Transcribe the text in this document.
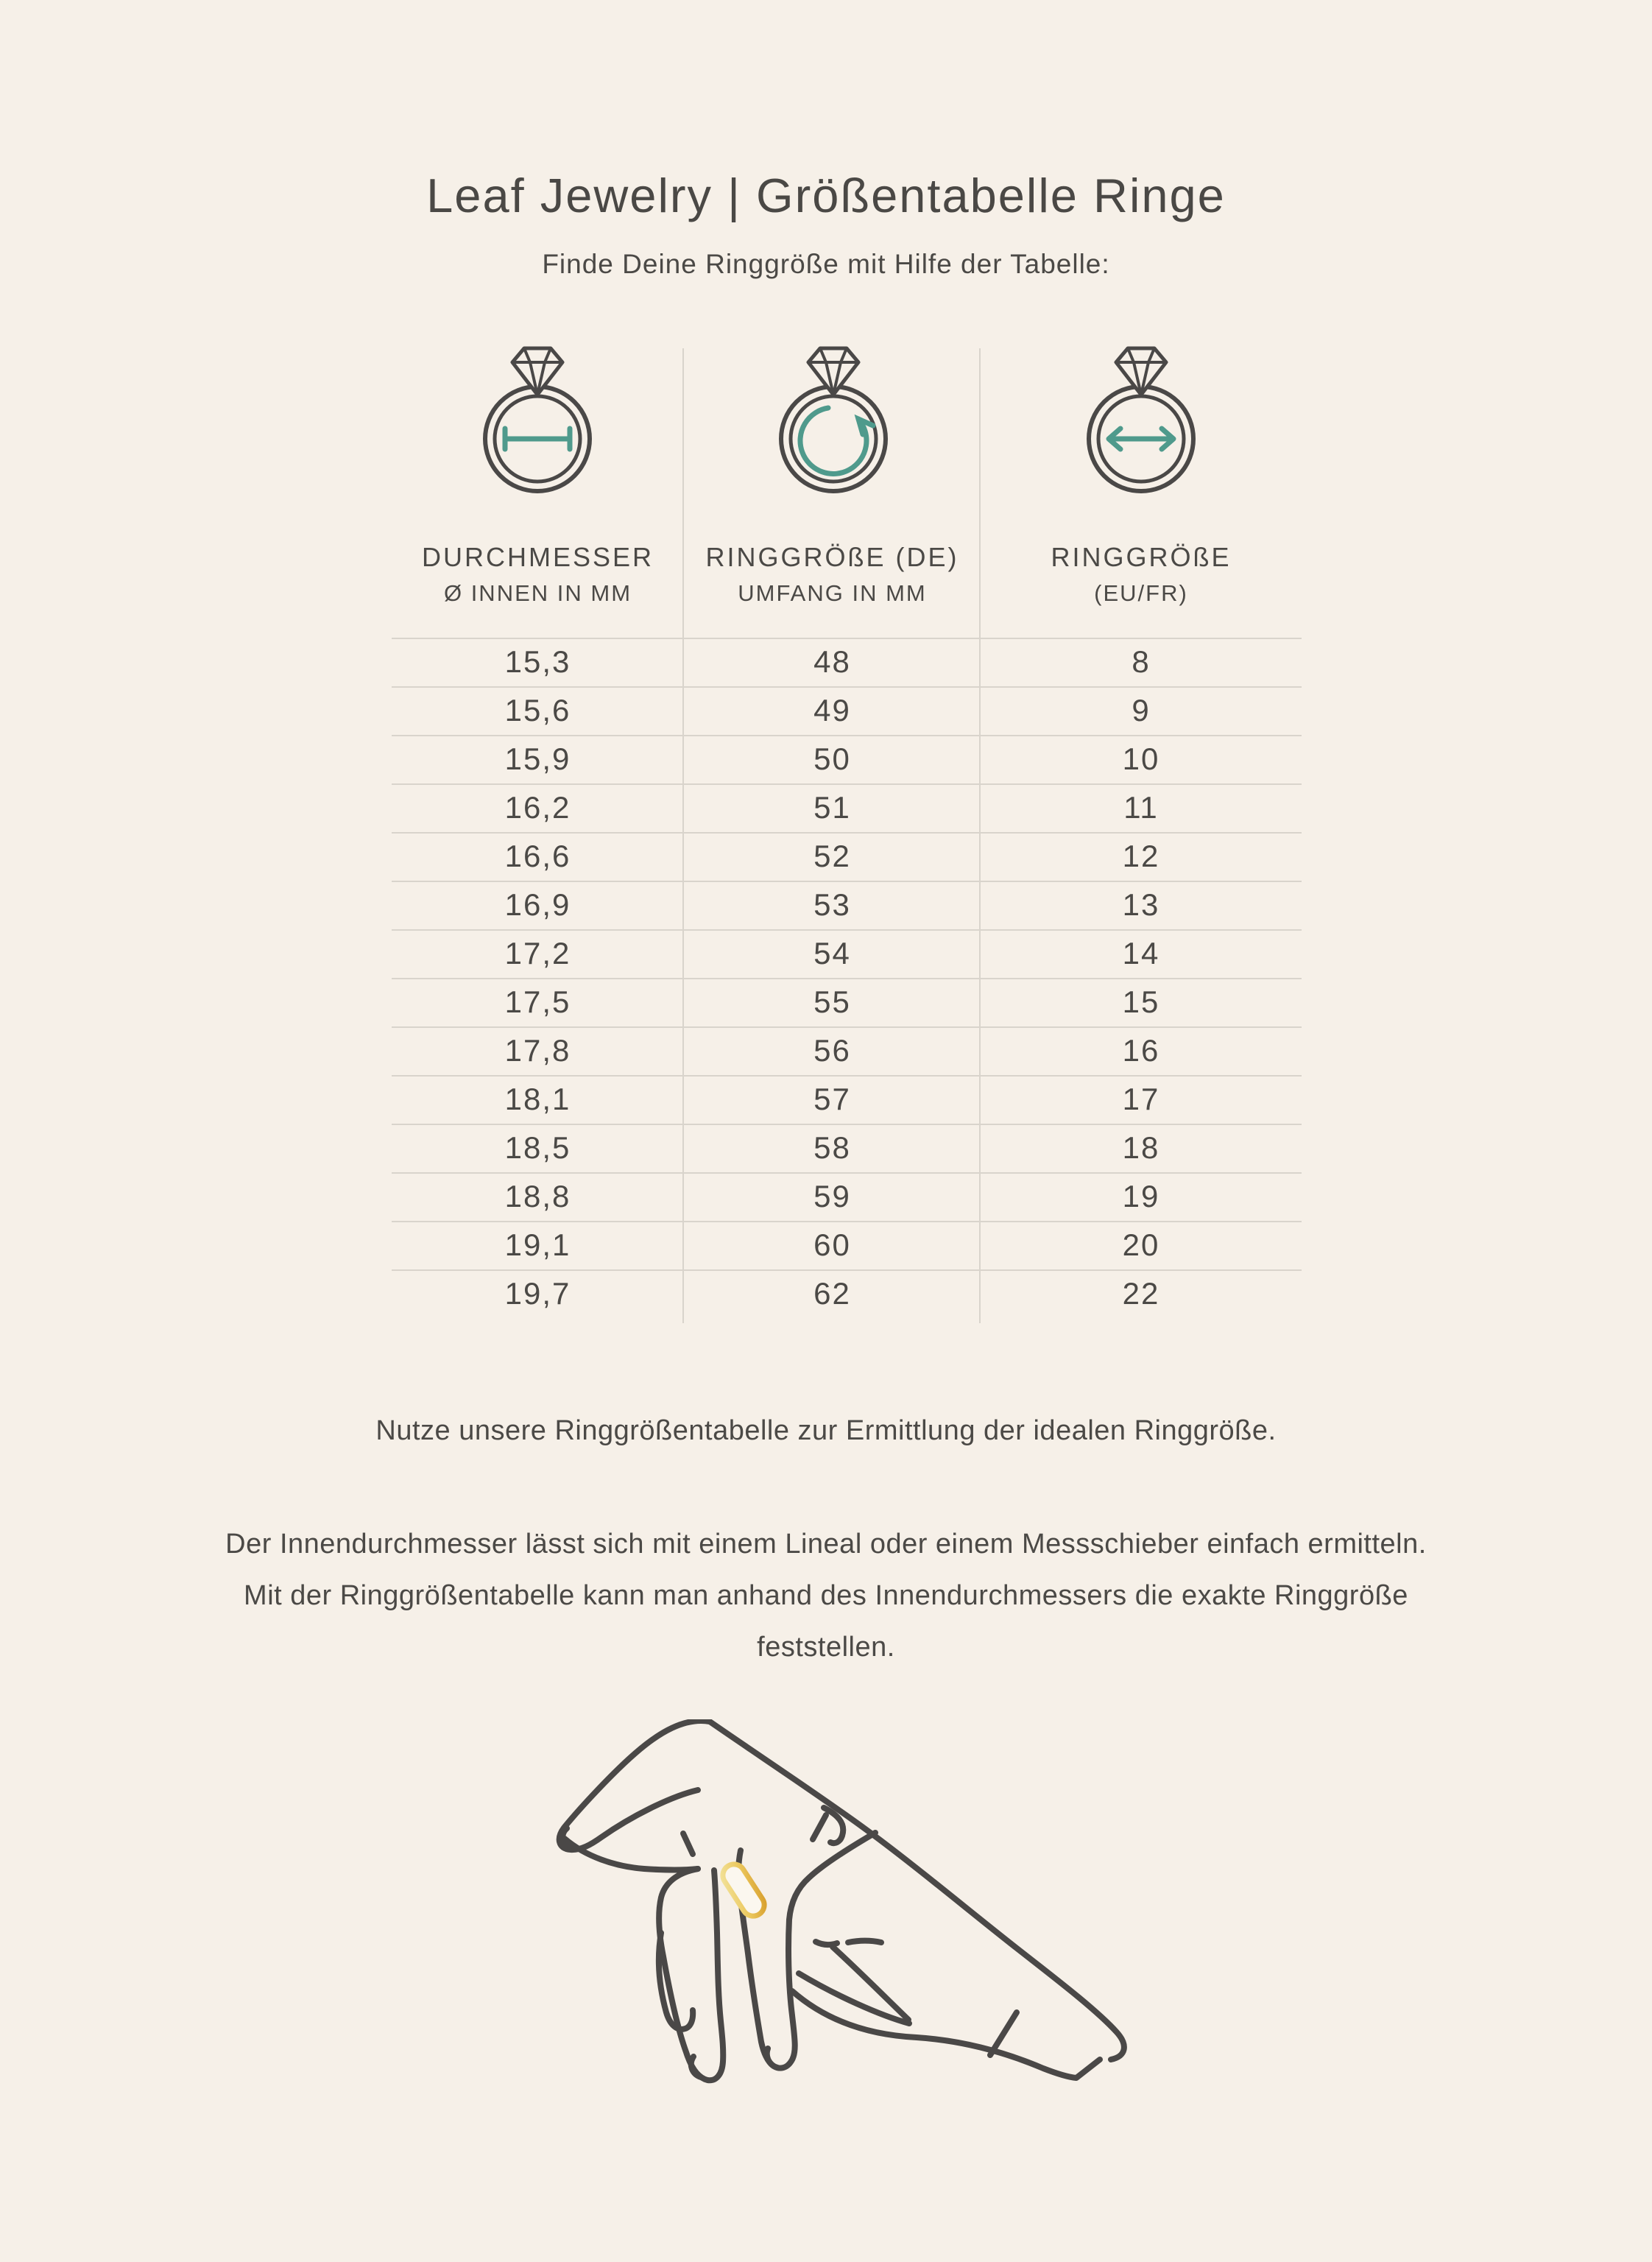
Leaf Jewelry | Größentabelle Ringe
Finde Deine Ringgröße mit Hilfe der Tabelle:
DURCHMESSER
Ø INNEN IN MM
RINGGRÖßE (DE)
UMFANG IN MM
RINGGRÖßE
(EU/FR)
15,3	48	8
15,6	49	9
15,9	50	10
16,2	51	11
16,6	52	12
16,9	53	13
17,2	54	14
17,5	55	15
17,8	56	16
18,1	57	17
18,5	58	18
18,8	59	19
19,1	60	20
19,7	62	22
Nutze unsere Ringgrößentabelle zur Ermittlung der idealen Ringgröße.
Der Innendurchmesser lässt sich mit einem Lineal oder einem Messschieber einfach ermitteln.
Mit der Ringgrößentabelle kann man anhand des Innendurchmessers die exakte Ringgröße
feststellen.
